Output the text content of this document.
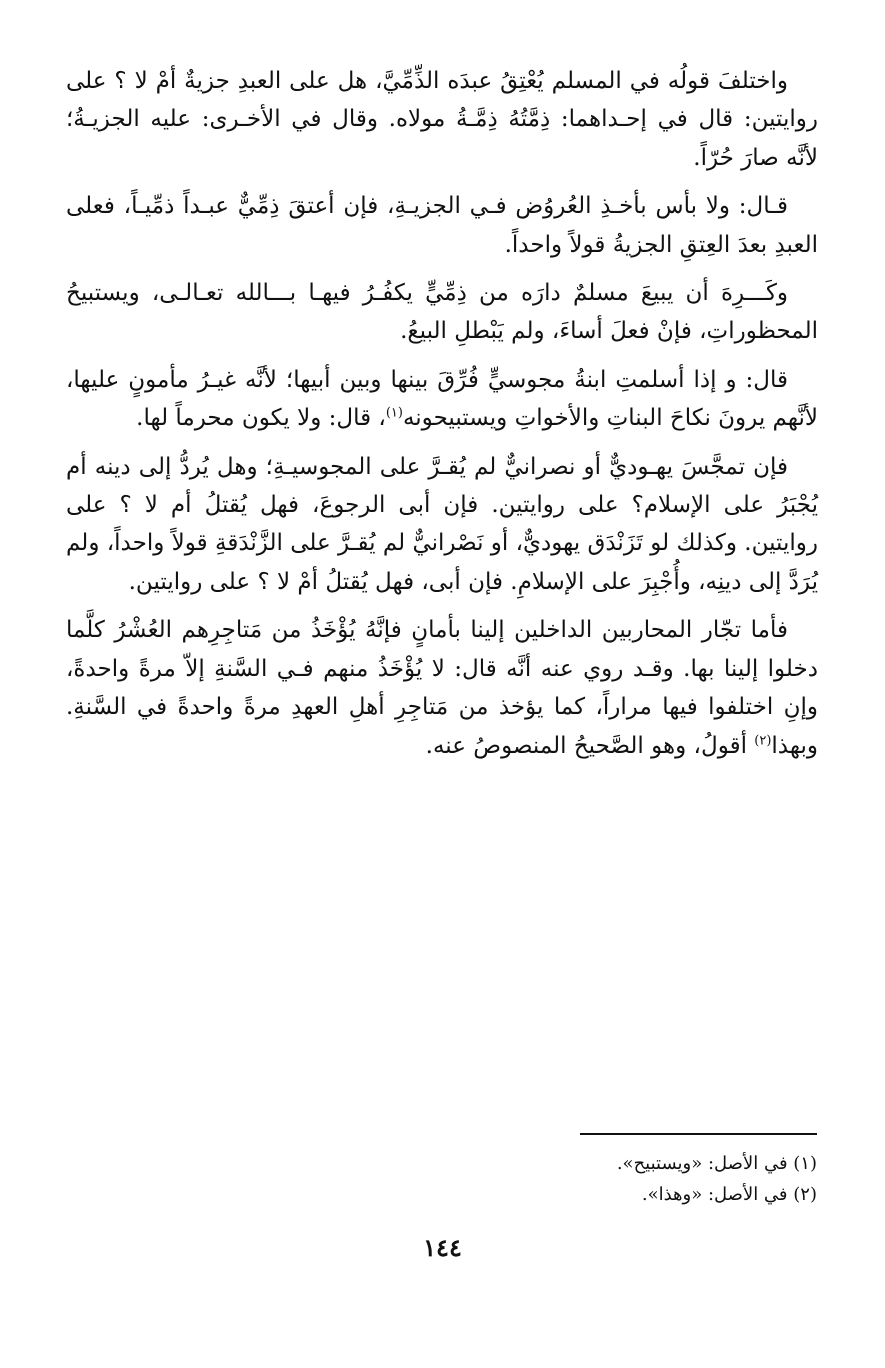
واختلفَ قولُه في المسلم يُعْتِقُ عبدَه الذِّمِّيَّ، هل على العبدِ جزيةٌ أمْ لا ؟ على روايتين: قال في إحـداهما: ذِمَّتُهُ ذِمَّـةُ مولاه. وقال في الأخـرى: عليه الجزيـةُ؛ لأنَّه صارَ حُرّاً.

قـال: ولا بأس بأخـذِ العُروُض فـي الجزيـةِ، فإن أعتقَ ذِمِّيٌّ عبـداً ذمِّيـاً، فعلى العبدِ بعدَ العِتقِ الجزيةُ قولاً واحداً.

وكَـــرِهَ أن يبيعَ مسلمٌ دارَه من ذِمِّيٍّ يكفُـرُ فيهـا بـــالله تعـالـى، ويستبيحُ المحظوراتِ، فإنْ فعلَ أساءَ، ولم يَبْطلِ البيعُ.

قال: و إذا أسلمتِ ابنةُ مجوسيٍّ فُرِّقَ بينها وبين أبيها؛ لأنَّه غيـرُ مأمونٍ عليها، لأنَّهم يرونَ نكاحَ البناتِ والأخواتِ ويستبيحونه$^{(١)}$، قال: ولا يكون محرماً لها.

فإن تمجَّسَ يهـوديٌّ أو نصرانيٌّ لم يُقـرَّ على المجوسيـةِ؛ وهل يُردُّ إلى دينه أم يُجْبَرُ على الإسلام؟ على روايتين. فإن أبى الرجوعَ، فهل يُقتلُ أم لا ؟ على روايتين. وكذلك لو تَزَنْدَق يهوديٌّ، أو نَصْرانيٌّ لم يُقـرَّ على الزَّنْدَقةِ قولاً واحداً، ولم يُرَدَّ إلى دينِه، وأُجْبِرَ على الإسلامِ. فإن أبى، فهل يُقتلُ أمْ لا ؟ على روايتين.

فأما تجّار المحاربين الداخلين إلينا بأمانٍ فإنَّهُ يُؤْخَذُ من مَتاجِرِهم العُشْرُ كلَّما دخلوا إلينا بها. وقـد روي عنه أنَّه قال: لا يُؤْخَذُ منهم فـي السَّنةِ إلاّ مرةً واحدةً، وإنِ اختلفوا فيها مراراً، كما يؤخذ من مَتاجِرِ أهلِ العهدِ مرةً واحدةً في السَّنةِ. وبهذا$^{(٢)}$ أقولُ، وهو الصَّحيحُ المنصوصُ عنه.

(١) في الأصل: «ويستبيح».

(٢) في الأصل: «وهذا».

١٤٤
